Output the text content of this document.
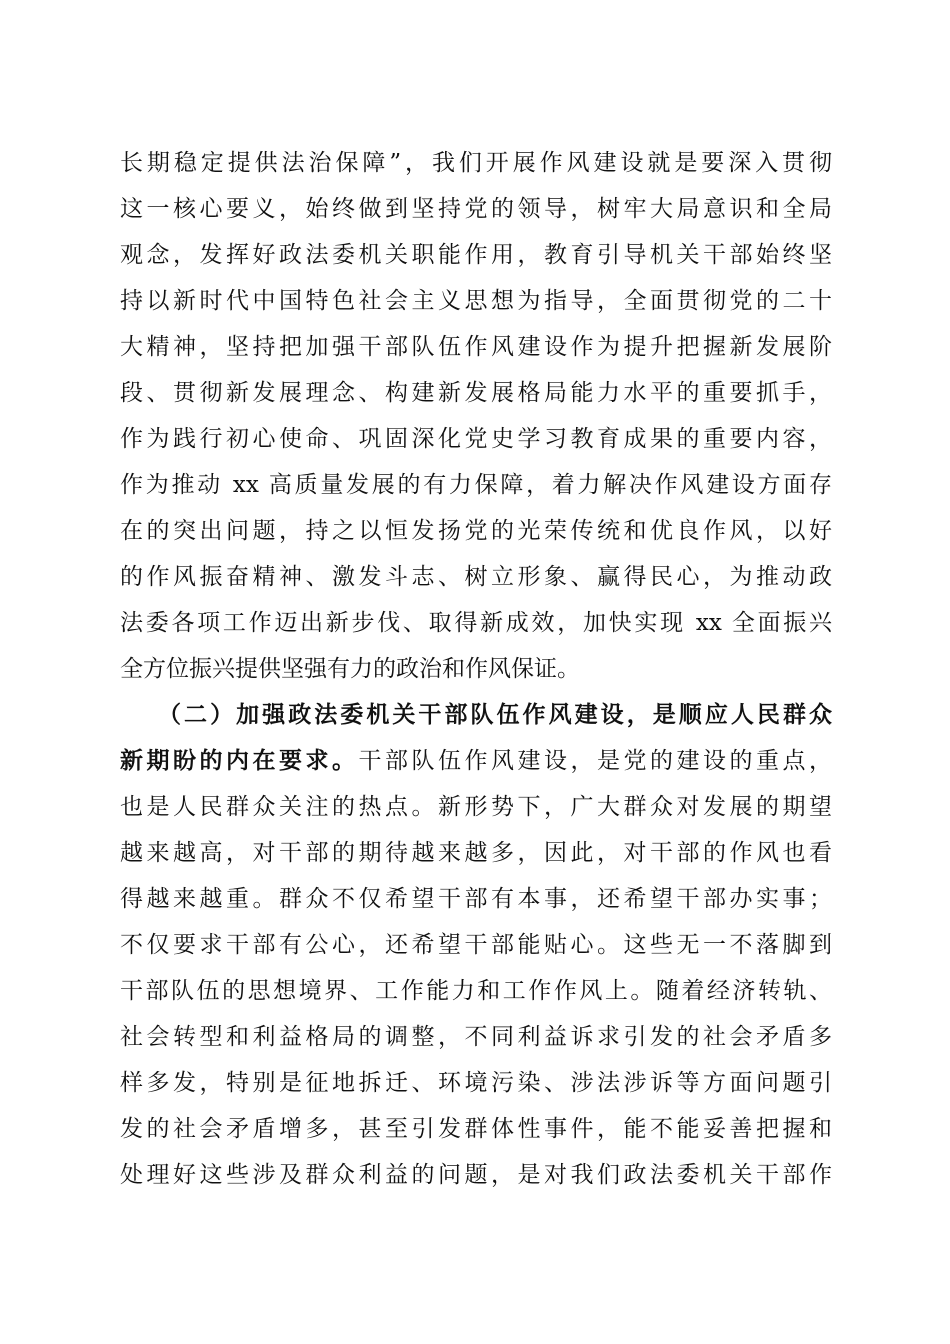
长期稳定提供法治保障”，我们开展作风建设就是要深入贯彻
这一核心要义，始终做到坚持党的领导，树牢大局意识和全局
观念，发挥好政法委机关职能作用，教育引导机关干部始终坚
持以新时代中国特色社会主义思想为指导，全面贯彻党的二十
大精神，坚持把加强干部队伍作风建设作为提升把握新发展阶
段、贯彻新发展理念、构建新发展格局能力水平的重要抓手，
作为践行初心使命、巩固深化党史学习教育成果的重要内容，
作为推动 xx 高质量发展的有力保障，着力解决作风建设方面存
在的突出问题，持之以恒发扬党的光荣传统和优良作风，以好
的作风振奋精神、激发斗志、树立形象、赢得民心，为推动政
法委各项工作迈出新步伐、取得新成效，加快实现 xx 全面振兴
全方位振兴提供坚强有力的政治和作风保证。
（二）加强政法委机关干部队伍作风建设，是顺应人民群众
新期盼的内在要求。干部队伍作风建设，是党的建设的重点，
也是人民群众关注的热点。新形势下，广大群众对发展的期望
越来越高，对干部的期待越来越多，因此，对干部的作风也看
得越来越重。群众不仅希望干部有本事，还希望干部办实事；
不仅要求干部有公心，还希望干部能贴心。这些无一不落脚到
干部队伍的思想境界、工作能力和工作作风上。随着经济转轨、
社会转型和利益格局的调整，不同利益诉求引发的社会矛盾多
样多发，特别是征地拆迁、环境污染、涉法涉诉等方面问题引
发的社会矛盾增多，甚至引发群体性事件，能不能妥善把握和
处理好这些涉及群众利益的问题，是对我们政法委机关干部作
